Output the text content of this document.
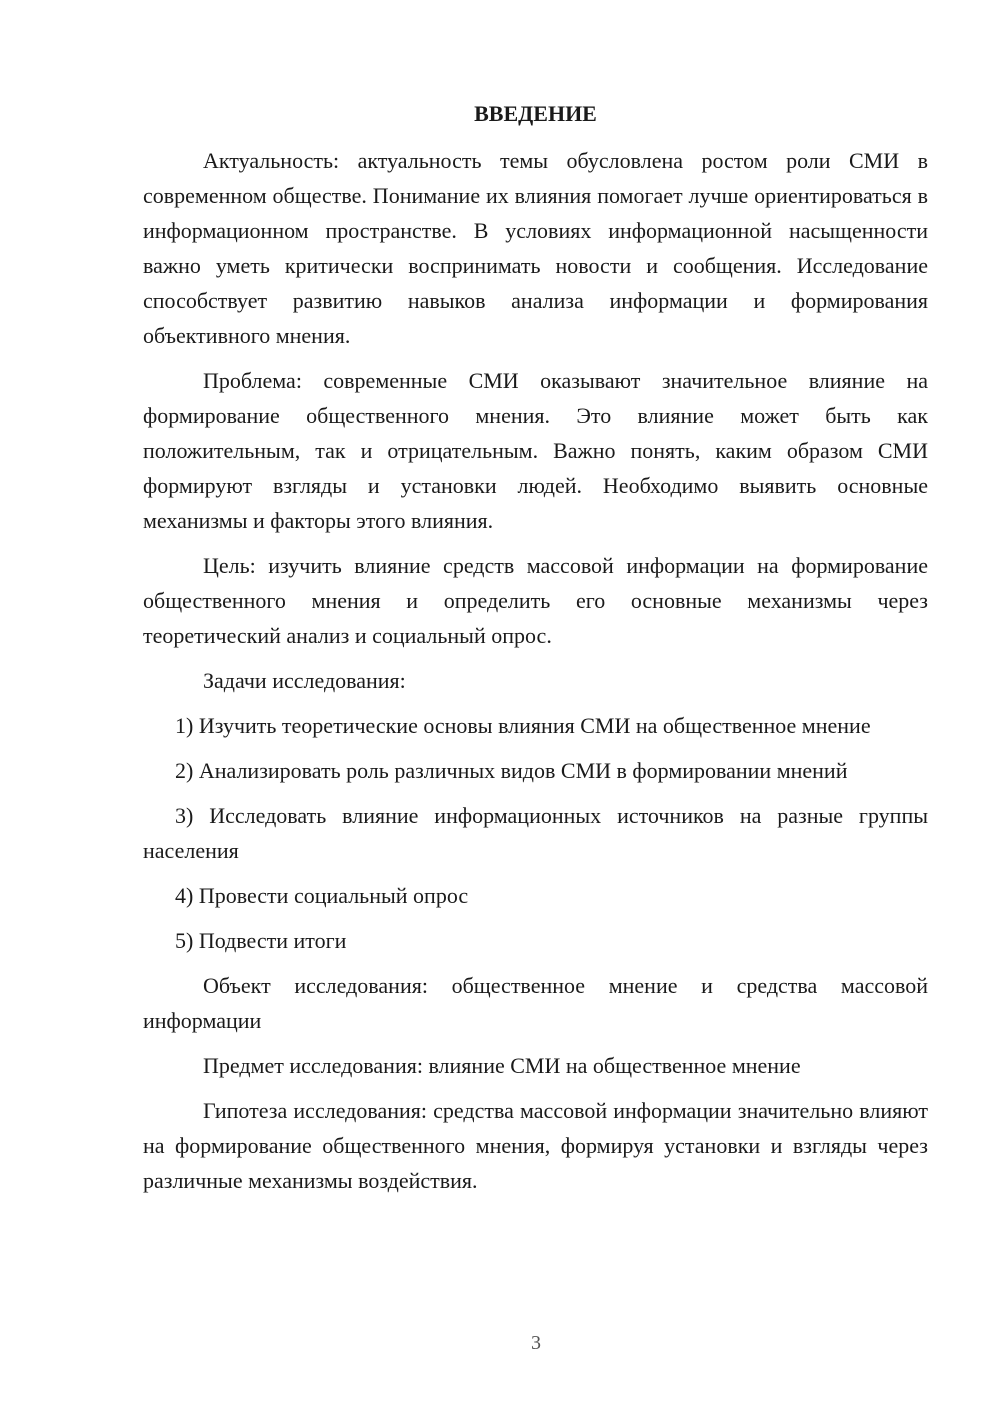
ВВЕДЕНИЕ

Актуальность: актуальность темы обусловлена ростом роли СМИ в современном обществе. Понимание их влияния помогает лучше ориентироваться в информационном пространстве. В условиях информационной насыщенности важно уметь критически воспринимать новости и сообщения. Исследование способствует развитию навыков анализа информации и формирования объективного мнения.

Проблема: современные СМИ оказывают значительное влияние на формирование общественного мнения. Это влияние может быть как положительным, так и отрицательным. Важно понять, каким образом СМИ формируют взгляды и установки людей. Необходимо выявить основные механизмы и факторы этого влияния.

Цель: изучить влияние средств массовой информации на формирование общественного мнения и определить его основные механизмы через теоретический анализ и социальный опрос.

Задачи исследования:

1) Изучить теоретические основы влияния СМИ на общественное мнение

2) Анализировать роль различных видов СМИ в формировании мнений

3) Исследовать влияние информационных источников на разные группы населения

4) Провести социальный опрос

5) Подвести итоги

Объект исследования: общественное мнение и средства массовой информации

Предмет исследования: влияние СМИ на общественное мнение

Гипотеза исследования: средства массовой информации значительно влияют на формирование общественного мнения, формируя установки и взгляды через различные механизмы воздействия.

3
